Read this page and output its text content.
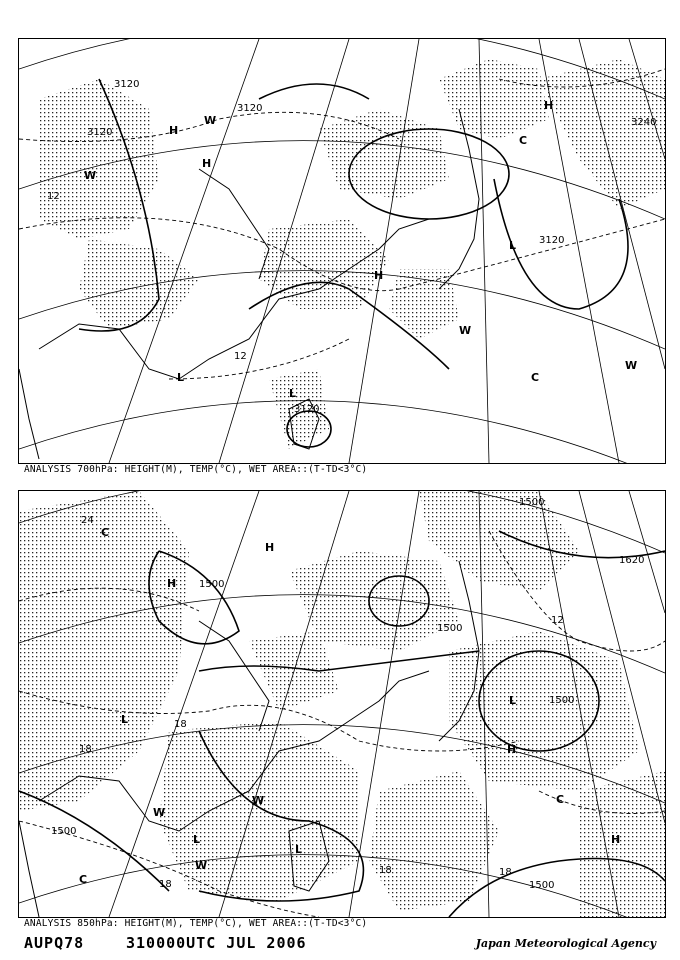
3120
3120
3120
3120
3120
3240
12
12
H
H
H
H
L
L
L
W
W
W
W
C
C
ANALYSIS 700hPa: HEIGHT(M), TEMP(°C), WET AREA::(T-TD<3°C)
1500
1500
1500
1500
1500
1500
1620
18
18
18
18	18
12
24
H
H
H
H
L
L
L
L
W
W
W
C
C
C
ANALYSIS 850hPa: HEIGHT(M), TEMP(°C), WET AREA::(T-TD<3°C)
AUPQ78	310000UTC JUL 2006	Japan Meteorological Agency
